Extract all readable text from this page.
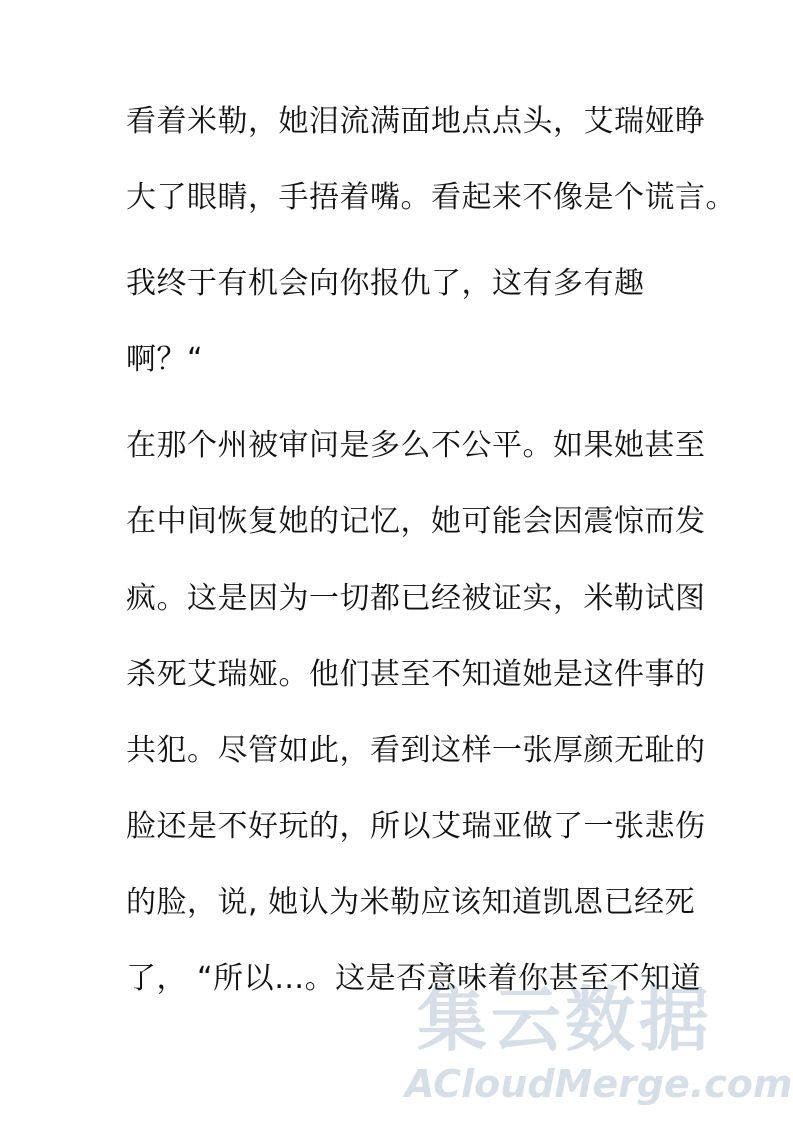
看着米勒，她泪流满面地点点头，艾瑞娅睁
大了眼睛，手捂着嘴。看起来不像是个谎言。
我终于有机会向你报仇了，这有多有趣
啊？“
在那个州被审问是多么不公平。如果她甚至
在中间恢复她的记忆，她可能会因震惊而发
疯。这是因为一切都已经被证实，米勒试图
杀死艾瑞娅。他们甚至不知道她是这件事的
共犯。尽管如此，看到这样一张厚颜无耻的
脸还是不好玩的，所以艾瑞亚做了一张悲伤
的脸，说, 她认为米勒应该知道凯恩已经死
了， “所以…。这是否意味着你甚至不知道
集云数据
ACloudMerge.com
